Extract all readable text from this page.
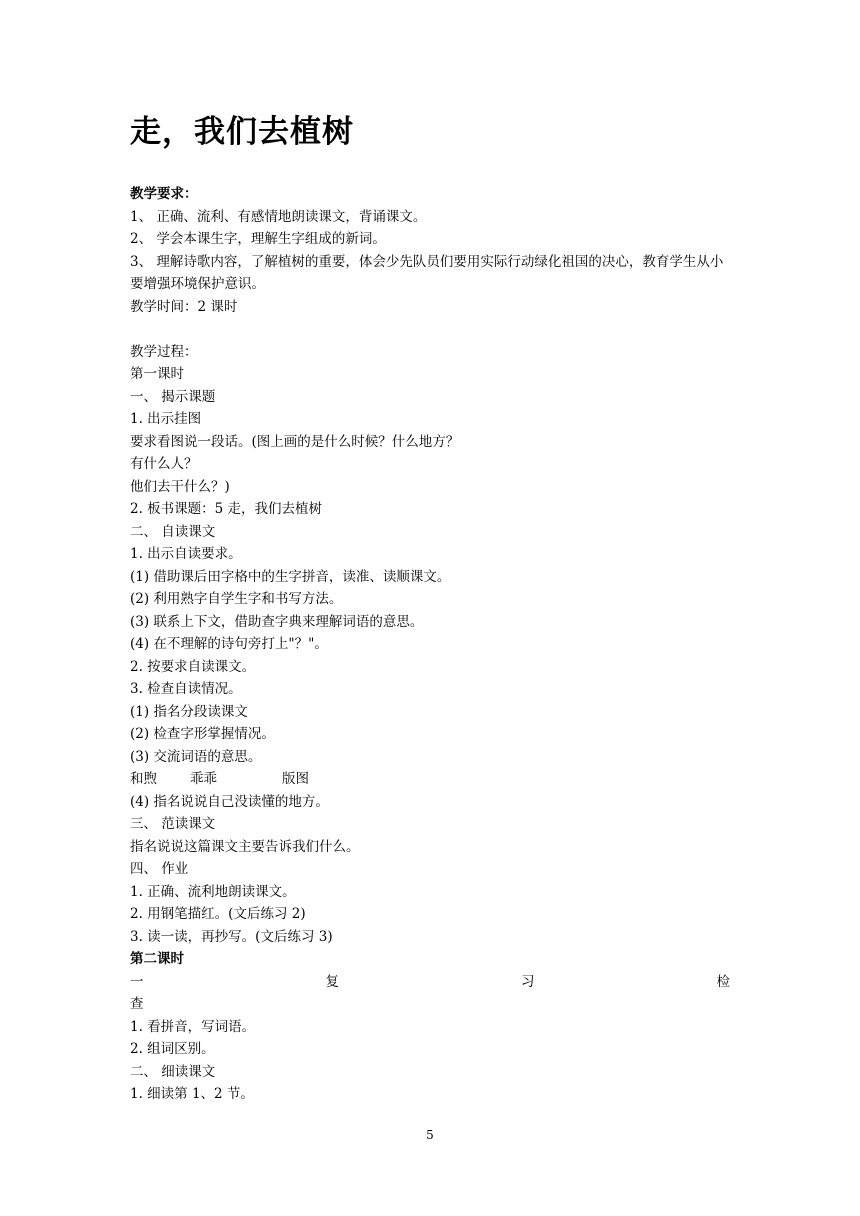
走，我们去植树
教学要求：
1、 正确、流利、有感情地朗读课文，背诵课文。
2、 学会本课生字，理解生字组成的新词。
3、 理解诗歌内容，了解植树的重要，体会少先队员们要用实际行动绿化祖国的决心，教育学生从小要增强环境保护意识。
教学时间：2 课时
教学过程：
第一课时
一、 揭示课题
1. 出示挂图
要求看图说一段话。(图上画的是什么时候？什么地方？
有什么人？
他们去干什么？)
2. 板书课题：5 走，我们去植树
二、 自读课文
1. 出示自读要求。
(1) 借助课后田字格中的生字拼音，读准、读顺课文。
(2) 利用熟字自学生字和书写方法。
(3) 联系上下文，借助查字典来理解词语的意思。
(4) 在不理解的诗句旁打上"？"。
2. 按要求自读课文。
3. 检查自读情况。
(1) 指名分段读课文
(2) 检查字形掌握情况。
(3) 交流词语的意思。
和煦 乖乖	版图
(4) 指名说说自己没读懂的地方。
三、 范读课文
指名说说这篇课文主要告诉我们什么。
四、 作业
1. 正确、流利地朗读课文。
2. 用钢笔描红。(文后练习 2)
3. 读一读，再抄写。(文后练习 3)
第二课时
一	复	习	检
查
1. 看拼音，写词语。
2. 组词区别。
二、 细读课文
1. 细读第 1、2 节。
5
